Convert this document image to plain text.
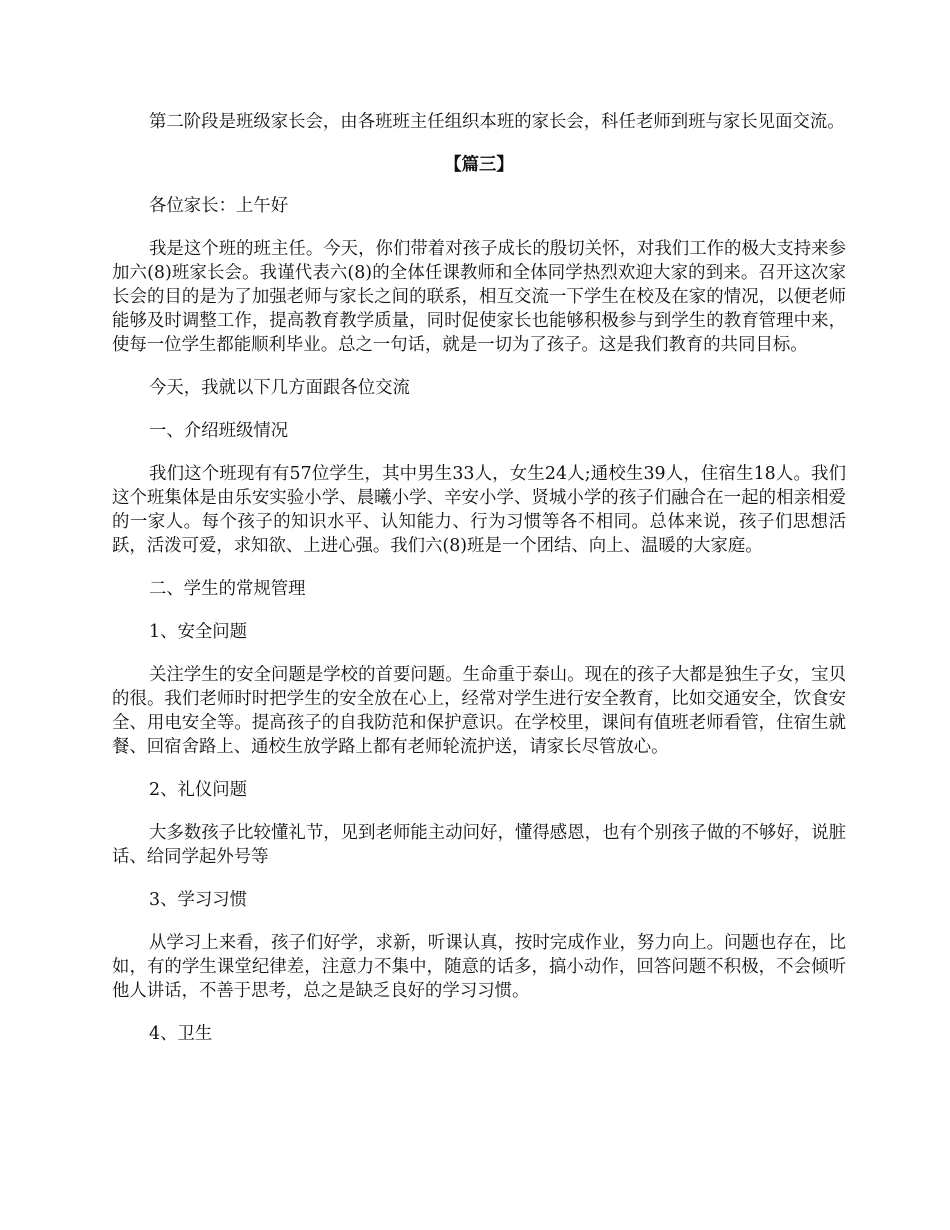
第二阶段是班级家长会，由各班班主任组织本班的家长会，科任老师到班与家长见面交流。

【篇三】

各位家长：上午好

我是这个班的班主任。今天，你们带着对孩子成长的殷切关怀，对我们工作的极大支持来参加六(8)班家长会。我谨代表六(8)的全体任课教师和全体同学热烈欢迎大家的到来。召开这次家长会的目的是为了加强老师与家长之间的联系，相互交流一下学生在校及在家的情况，以便老师能够及时调整工作，提高教育教学质量，同时促使家长也能够积极参与到学生的教育管理中来，使每一位学生都能顺利毕业。总之一句话，就是一切为了孩子。这是我们教育的共同目标。

今天，我就以下几方面跟各位交流

一、介绍班级情况

我们这个班现有有57位学生，其中男生33人，女生24人;通校生39人，住宿生18人。我们这个班集体是由乐安实验小学、晨曦小学、辛安小学、贤城小学的孩子们融合在一起的相亲相爱的一家人。每个孩子的知识水平、认知能力、行为习惯等各不相同。总体来说，孩子们思想活跃，活泼可爱，求知欲、上进心强。我们六(8)班是一个团结、向上、温暖的大家庭。

二、学生的常规管理

1、安全问题

关注学生的安全问题是学校的首要问题。生命重于泰山。现在的孩子大都是独生子女，宝贝的很。我们老师时时把学生的安全放在心上，经常对学生进行安全教育，比如交通安全，饮食安全、用电安全等。提高孩子的自我防范和保护意识。在学校里，课间有值班老师看管，住宿生就餐、回宿舍路上、通校生放学路上都有老师轮流护送，请家长尽管放心。

2、礼仪问题

大多数孩子比较懂礼节，见到老师能主动问好，懂得感恩，也有个别孩子做的不够好，说脏话、给同学起外号等

3、学习习惯

从学习上来看，孩子们好学，求新，听课认真，按时完成作业，努力向上。问题也存在，比如，有的学生课堂纪律差，注意力不集中，随意的话多，搞小动作，回答问题不积极，不会倾听他人讲话，不善于思考，总之是缺乏良好的学习习惯。

4、卫生
